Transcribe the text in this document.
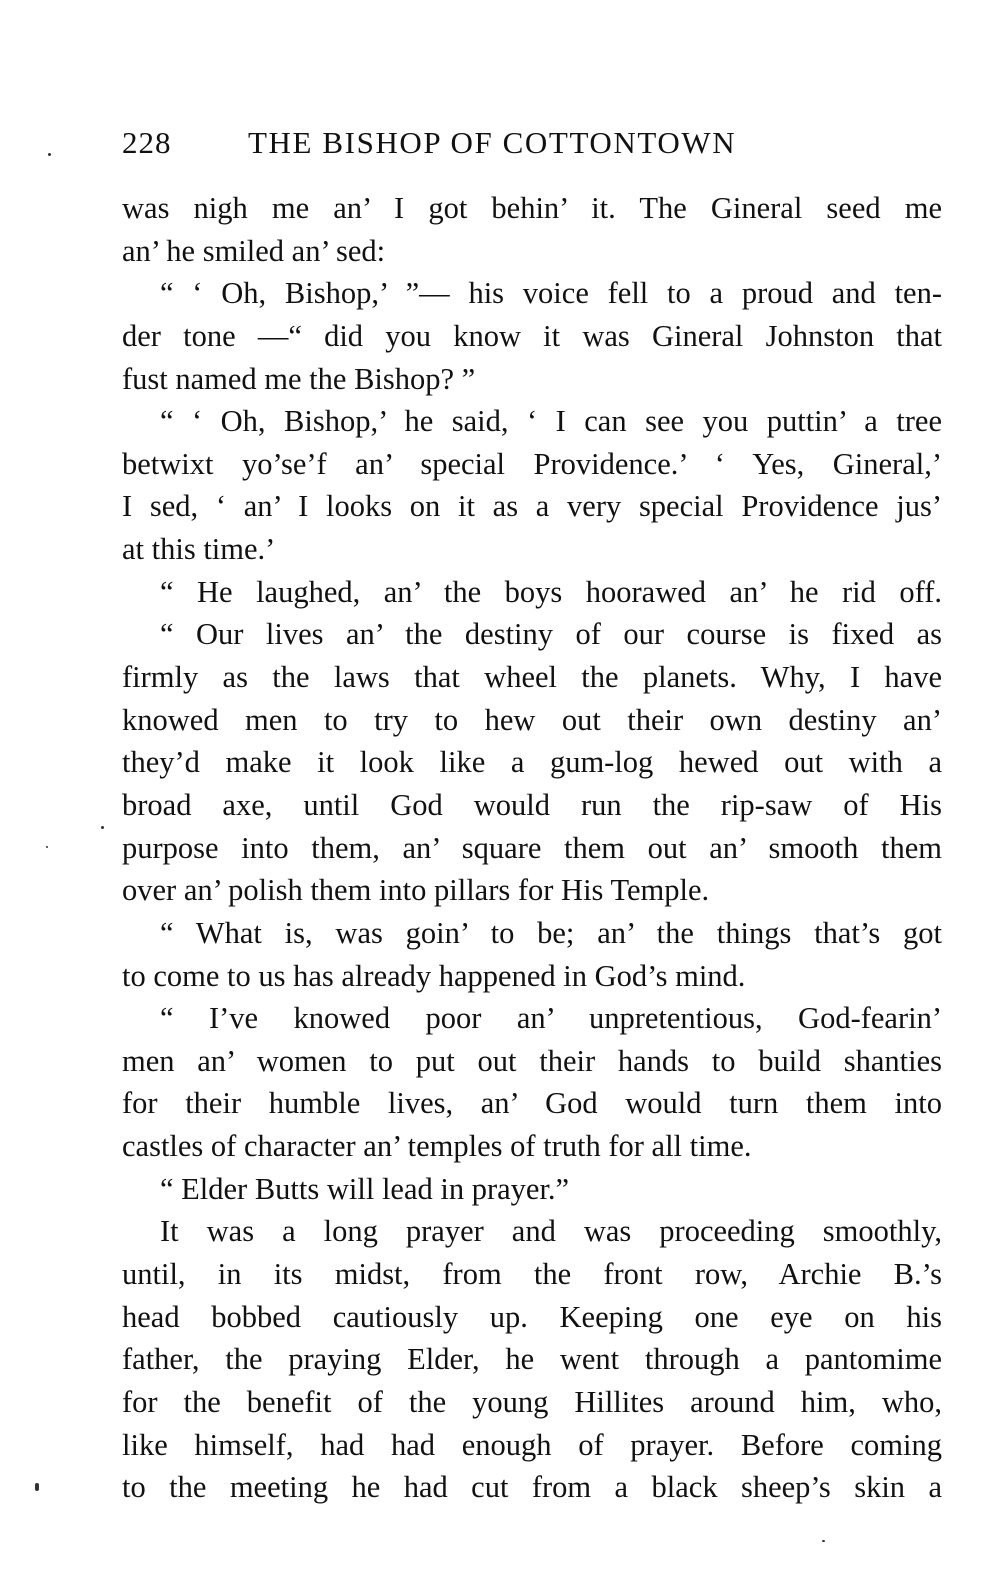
228 THE BISHOP OF COTTONTOWN
was nigh me an’ I got behin’ it. The Gineral seed me
an’ he smiled an’ sed:
“ ‘ Oh, Bishop,’ ”— his voice fell to a proud and ten-
der tone —“ did you know it was Gineral Johnston that
fust named me the Bishop? ”
“ ‘ Oh, Bishop,’ he said, ‘ I can see you puttin’ a tree
betwixt yo’se’f an’ special Providence.’ ‘ Yes, Gineral,’
I sed, ‘ an’ I looks on it as a very special Providence jus’
at this time.’
“ He laughed, an’ the boys hoorawed an’ he rid off.
“ Our lives an’ the destiny of our course is fixed as
firmly as the laws that wheel the planets. Why, I have
knowed men to try to hew out their own destiny an’
they’d make it look like a gum-log hewed out with a
broad axe, until God would run the rip-saw of His
purpose into them, an’ square them out an’ smooth them
over an’ polish them into pillars for His Temple.
“ What is, was goin’ to be; an’ the things that’s got
to come to us has already happened in God’s mind.
“ I’ve knowed poor an’ unpretentious, God-fearin’
men an’ women to put out their hands to build shanties
for their humble lives, an’ God would turn them into
castles of character an’ temples of truth for all time.
“ Elder Butts will lead in prayer.”
It was a long prayer and was proceeding smoothly,
until, in its midst, from the front row, Archie B.’s
head bobbed cautiously up. Keeping one eye on his
father, the praying Elder, he went through a pantomime
for the benefit of the young Hillites around him, who,
like himself, had had enough of prayer. Before coming
to the meeting he had cut from a black sheep’s skin a
